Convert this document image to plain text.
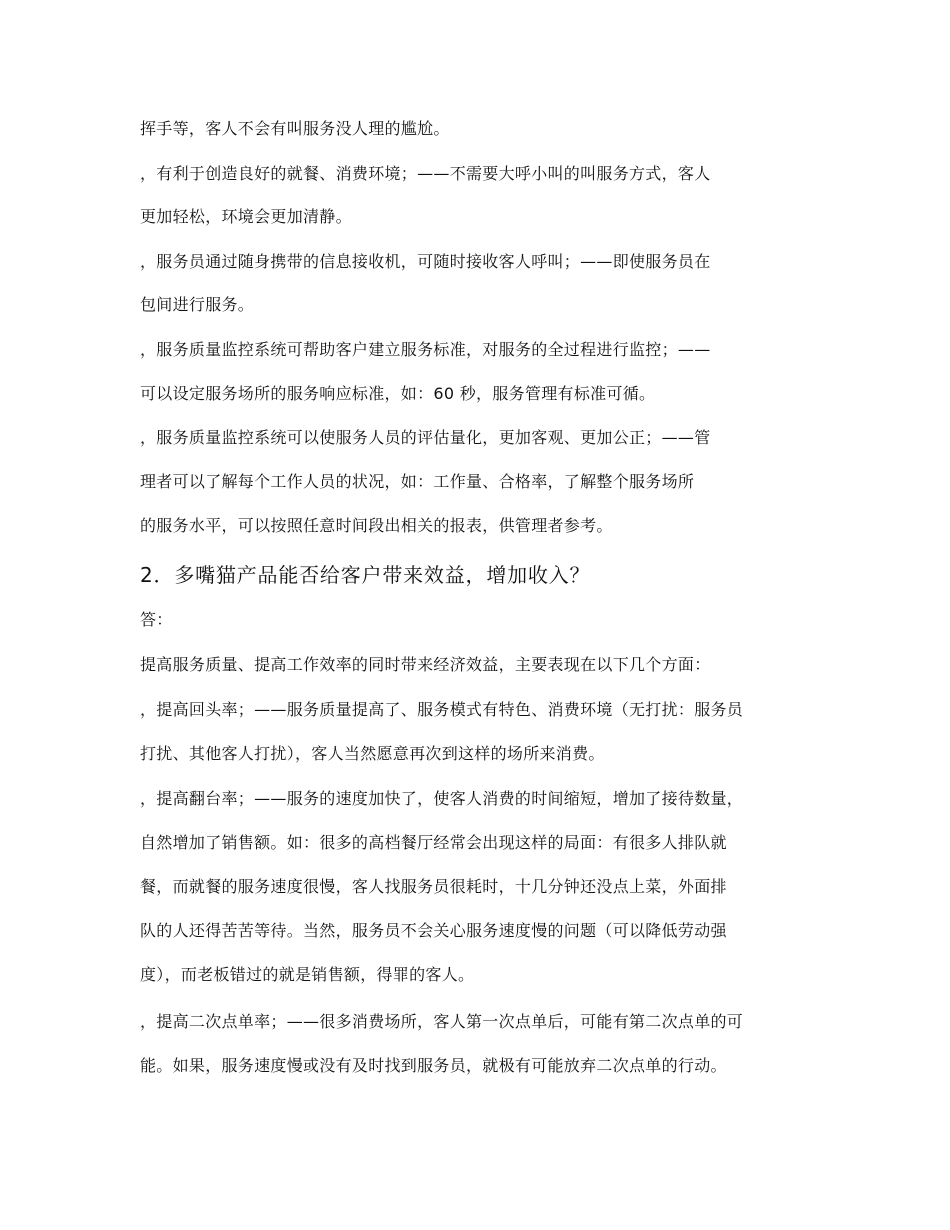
挥手等，客人不会有叫服务没人理的尴尬。

，有利于创造良好的就餐、消费环境；——不需要大呼小叫的叫服务方式，客人

更加轻松，环境会更加清静。

，服务员通过随身携带的信息接收机，可随时接收客人呼叫；——即使服务员在

包间进行服务。

，服务质量监控系统可帮助客户建立服务标准，对服务的全过程进行监控；——

可以设定服务场所的服务响应标准，如：60 秒，服务管理有标准可循。

，服务质量监控系统可以使服务人员的评估量化，更加客观、更加公正；——管

理者可以了解每个工作人员的状况，如：工作量、合格率，了解整个服务场所

的服务水平，可以按照任意时间段出相关的报表，供管理者参考。

2．多嘴猫产品能否给客户带来效益，增加收入？

答：

提高服务质量、提高工作效率的同时带来经济效益，主要表现在以下几个方面：

，提高回头率；——服务质量提高了、服务模式有特色、消费环境（无打扰：服务员

打扰、其他客人打扰），客人当然愿意再次到这样的场所来消费。

，提高翻台率；——服务的速度加快了，使客人消费的时间缩短，增加了接待数量，

自然增加了销售额。如：很多的高档餐厅经常会出现这样的局面：有很多人排队就

餐，而就餐的服务速度很慢，客人找服务员很耗时，十几分钟还没点上菜，外面排

队的人还得苦苦等待。当然，服务员不会关心服务速度慢的问题（可以降低劳动强

度），而老板错过的就是销售额，得罪的客人。

，提高二次点单率；——很多消费场所，客人第一次点单后，可能有第二次点单的可

能。如果，服务速度慢或没有及时找到服务员，就极有可能放弃二次点单的行动。
